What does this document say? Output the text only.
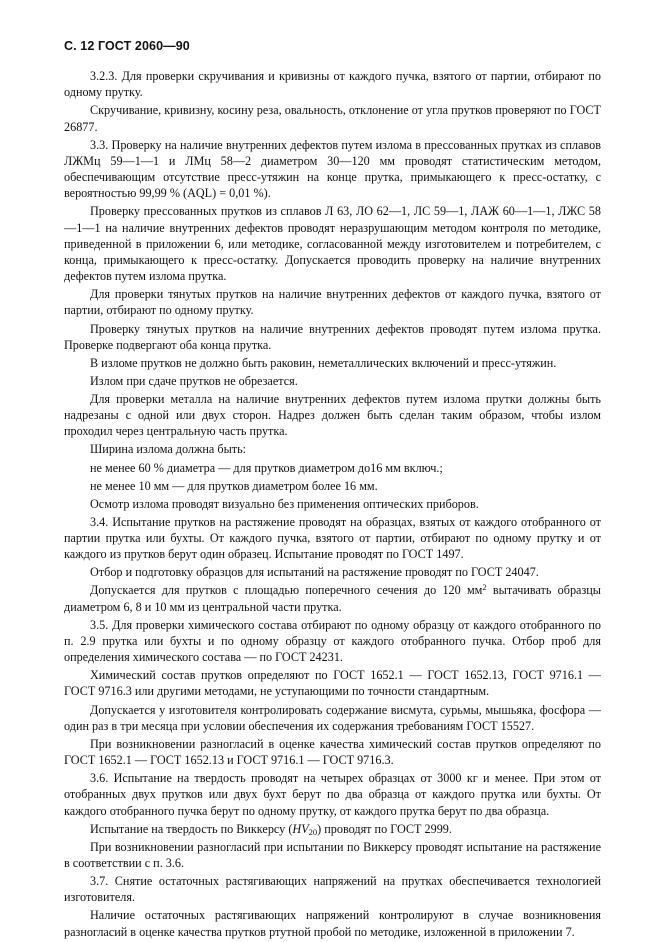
С. 12 ГОСТ 2060—90

3.2.3. Для проверки скручивания и кривизны от каждого пучка, взятого от партии, отбирают по одному прутку.

Скручивание, кривизну, косину реза, овальность, отклонение от угла прутков проверяют по ГОСТ 26877.

3.3. Проверку на наличие внутренних дефектов путем излома в прессованных прутках из сплавов ЛЖМц 59—1—1 и ЛМц 58—2 диаметром 30—120 мм проводят статистическим методом, обеспечивающим отсутствие пресс-утяжин на конце прутка, примыкающего к пресс-остатку, с вероятностью 99,99 % (AQL) = 0,01 %).

Проверку прессованных прутков из сплавов Л 63, ЛО 62—1, ЛС 59—1, ЛАЖ 60—1—1, ЛЖС 58—1—1 на наличие внутренних дефектов проводят неразрушающим методом контроля по методике, приведенной в приложении 6, или методике, согласованной между изготовителем и потребителем, с конца, примыкающего к пресс-остатку. Допускается проводить проверку на наличие внутренних дефектов путем излома прутка.

Для проверки тянутых прутков на наличие внутренних дефектов от каждого пучка, взятого от партии, отбирают по одному прутку.

Проверку тянутых прутков на наличие внутренних дефектов проводят путем излома прутка. Проверке подвергают оба конца прутка.

В изломе прутков не должно быть раковин, неметаллических включений и пресс-утяжин.

Излом при сдаче прутков не обрезается.

Для проверки металла на наличие внутренних дефектов путем излома прутки должны быть надрезаны с одной или двух сторон. Надрез должен быть сделан таким образом, чтобы излом проходил через центральную часть прутка.

Ширина излома должна быть:

не менее 60 % диаметра — для прутков диаметром до16 мм включ.;

не менее 10 мм — для прутков диаметром более 16 мм.

Осмотр излома проводят визуально без применения оптических приборов.

3.4. Испытание прутков на растяжение проводят на образцах, взятых от каждого отобранного от партии прутка или бухты. От каждого пучка, взятого от партии, отбирают по одному прутку и от каждого из прутков берут один образец. Испытание проводят по ГОСТ 1497.

Отбор и подготовку образцов для испытаний на растяжение проводят по ГОСТ 24047.

Допускается для прутков с площадью поперечного сечения до 120 $мм^2$ вытачивать образцы диаметром 6, 8 и 10 мм из центральной части прутка.

3.5. Для проверки химического состава отбирают по одному образцу от каждого отобранного по п. 2.9 прутка или бухты и по одному образцу от каждого отобранного пучка. Отбор проб для определения химического состава — по ГОСТ 24231.

Химический состав прутков определяют по ГОСТ 1652.1 — ГОСТ 1652.13, ГОСТ 9716.1 — ГОСТ 9716.3 или другими методами, не уступающими по точности стандартным.

Допускается у изготовителя контролировать содержание висмута, сурьмы, мышьяка, фосфора — один раз в три месяца при условии обеспечения их содержания требованиям ГОСТ 15527.

При возникновении разногласий в оценке качества химический состав прутков определяют по ГОСТ 1652.1 — ГОСТ 1652.13 и ГОСТ 9716.1 — ГОСТ 9716.3.

3.6. Испытание на твердость проводят на четырех образцах от 3000 кг и менее. При этом от отобранных двух прутков или двух бухт берут по два образца от каждого прутка или бухты. От каждого отобранного пучка берут по одному прутку, от каждого прутка берут по два образца.

Испытание на твердость по Виккерсу $(HV_{20})$ проводят по ГОСТ 2999.

При возникновении разногласий при испытании по Виккерсу проводят испытание на растяжение в соответствии с п. 3.6.

3.7. Снятие остаточных растягивающих напряжений на прутках обеспечивается технологией изготовителя.

Наличие остаточных растягивающих напряжений контролируют в случае возникновения разногласий в оценке качества прутков ртутной пробой по методике, изложенной в приложении 7.
